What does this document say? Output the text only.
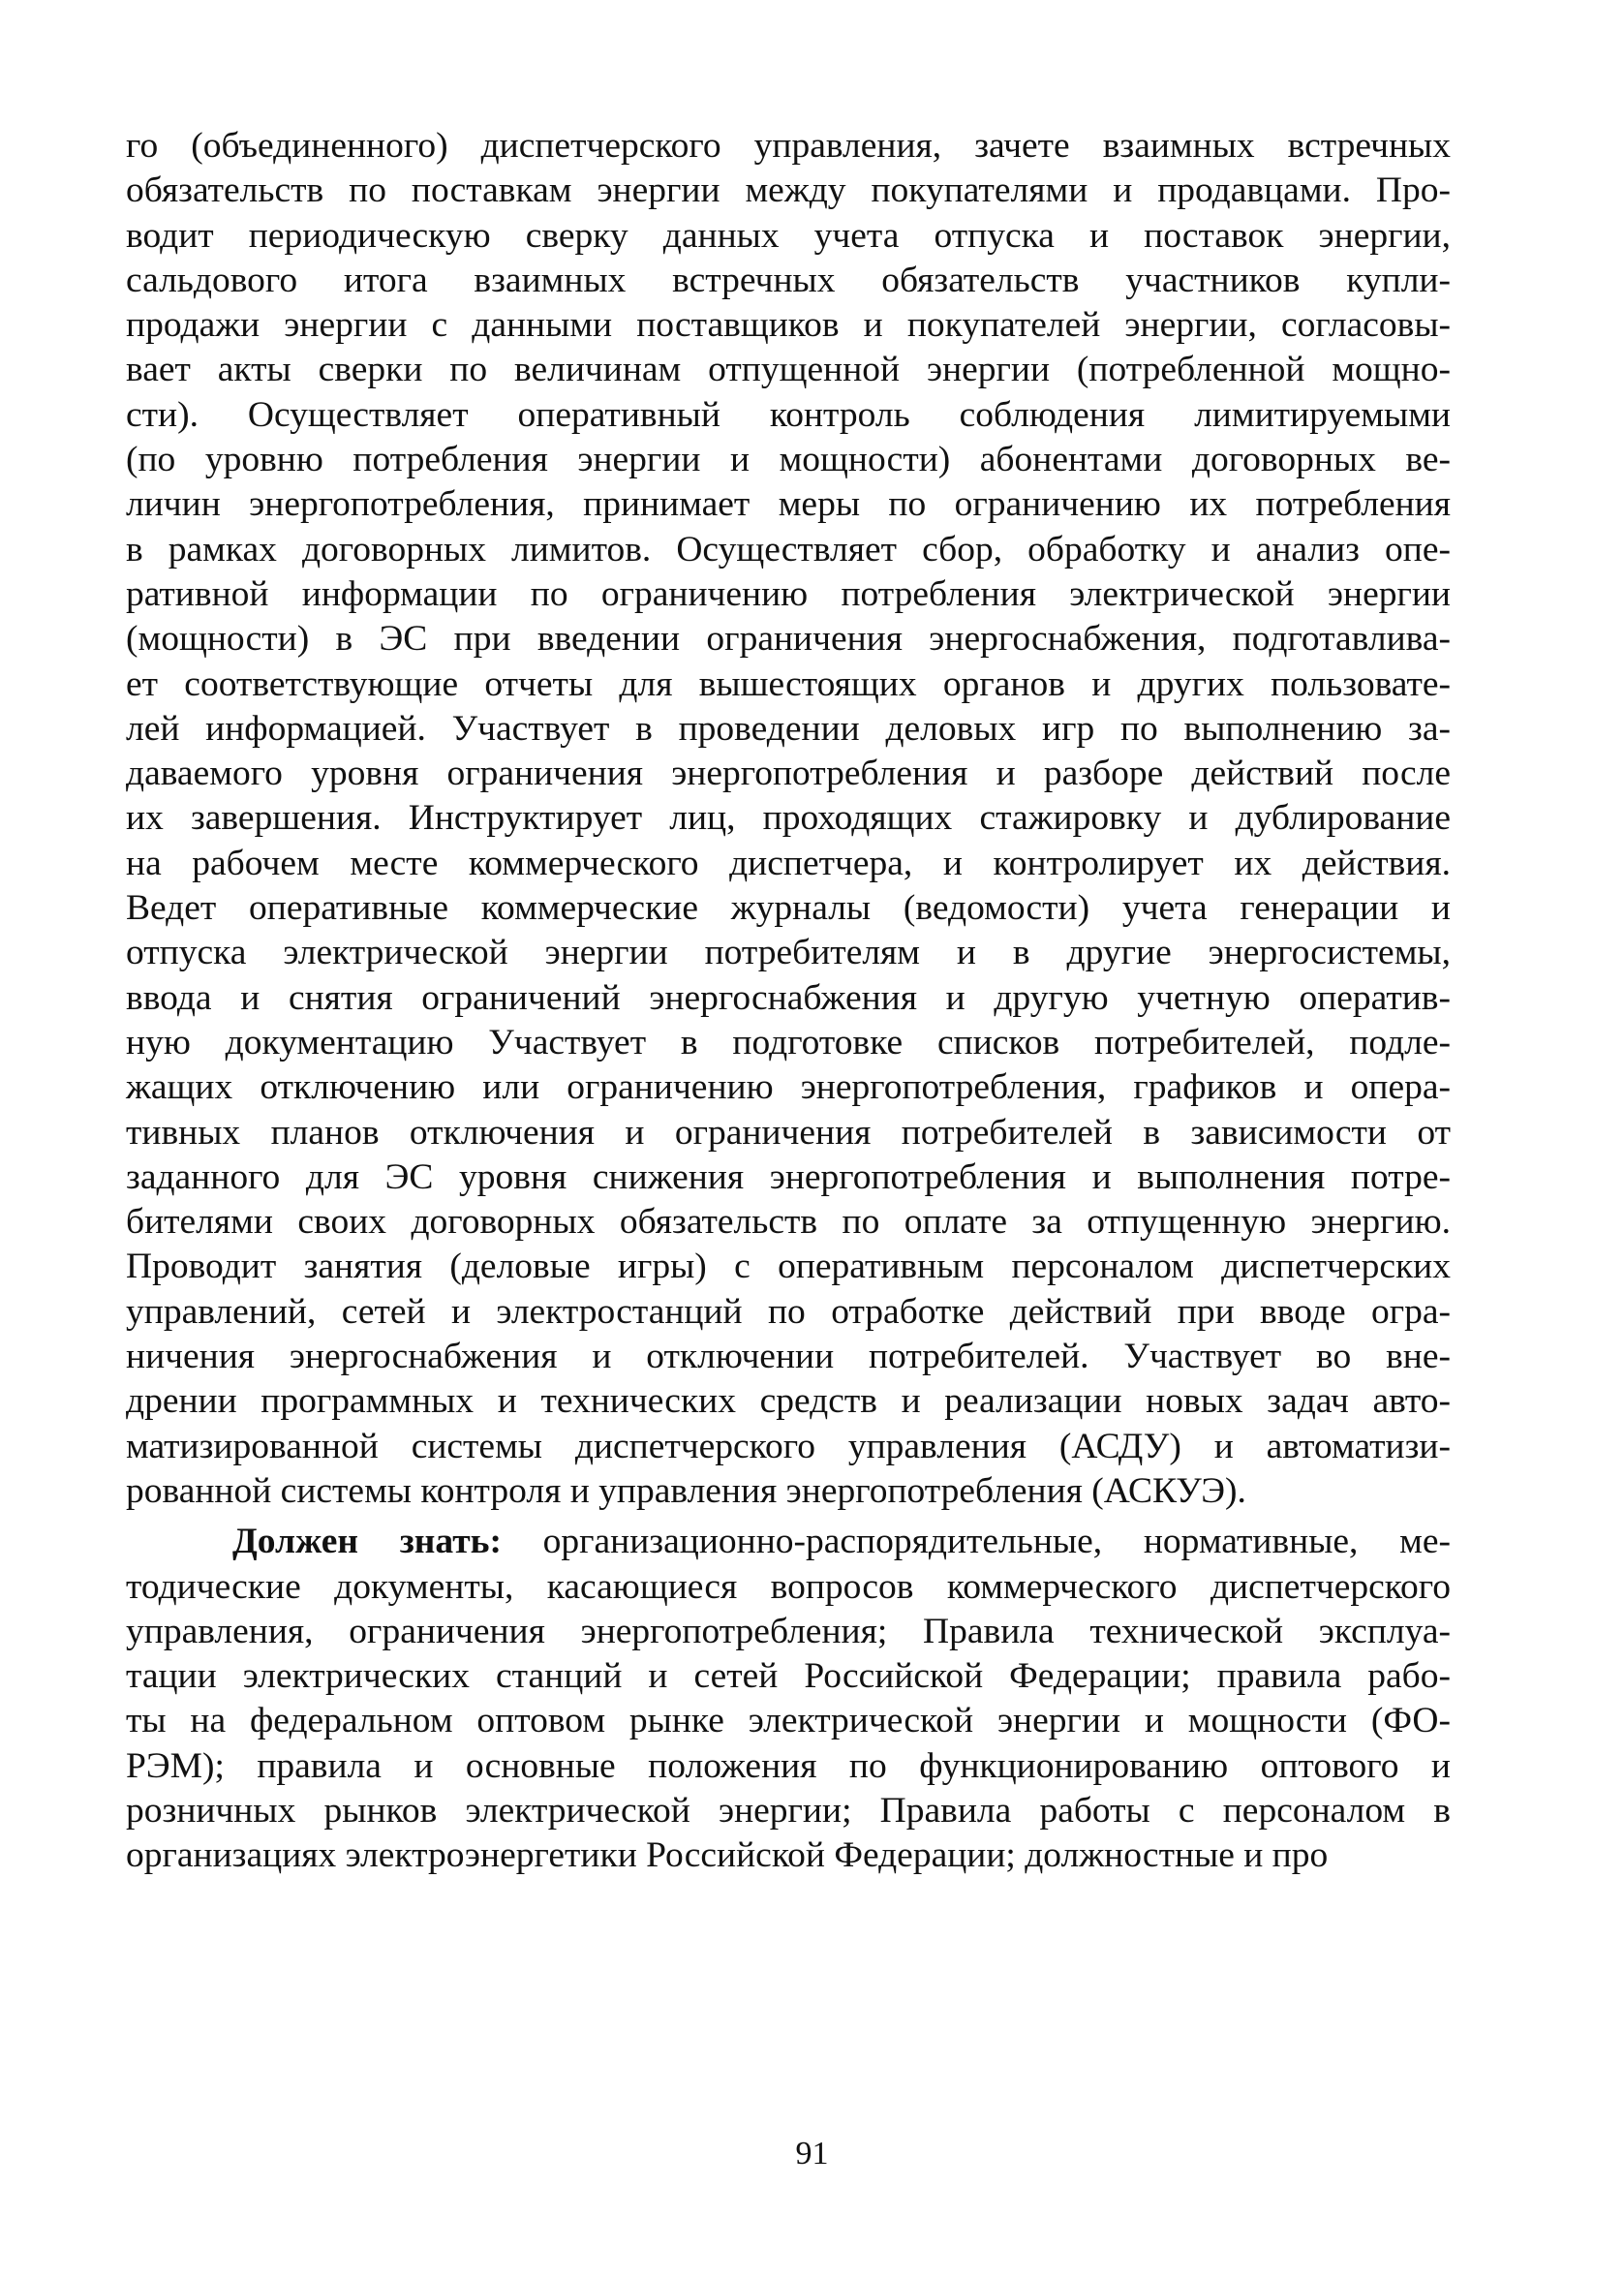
го (объединенного) диспетчерского управления, зачете взаимных встречных
обязательств по поставкам энергии между покупателями и продавцами. Про-
водит периодическую сверку данных учета отпуска и поставок энергии,
сальдового итога взаимных встречных обязательств участников купли-
продажи энергии с данными поставщиков и покупателей энергии, согласовы-
вает акты сверки по величинам отпущенной энергии (потребленной мощно-
сти). Осуществляет оперативный контроль соблюдения лимитируемыми
(по уровню потребления энергии и мощности) абонентами договорных ве-
личин энергопотребления, принимает меры по ограничению их потребления
в рамках договорных лимитов. Осуществляет сбор, обработку и анализ опе-
ративной информации по ограничению потребления электрической энергии
(мощности) в ЭС при введении ограничения энергоснабжения, подготавлива-
ет соответствующие отчеты для вышестоящих органов и других пользовате-
лей информацией. Участвует в проведении деловых игр по выполнению за-
даваемого уровня ограничения энергопотребления и разборе действий после
их завершения. Инструктирует лиц, проходящих стажировку и дублирование
на рабочем месте коммерческого диспетчера, и контролирует их действия.
Ведет оперативные коммерческие журналы (ведомости) учета генерации и
отпуска электрической энергии потребителям и в другие энергосистемы,
ввода и снятия ограничений энергоснабжения и другую учетную оператив-
ную документацию Участвует в подготовке списков потребителей, подле-
жащих отключению или ограничению энергопотребления, графиков и опера-
тивных планов отключения и ограничения потребителей в зависимости от
заданного для ЭС уровня снижения энергопотребления и выполнения потре-
бителями своих договорных обязательств по оплате за отпущенную энергию.
Проводит занятия (деловые игры) с оперативным персоналом диспетчерских
управлений, сетей и электростанций по отработке действий при вводе огра-
ничения энергоснабжения и отключении потребителей. Участвует во вне-
дрении программных и технических средств и реализации новых задач авто-
матизированной системы диспетчерского управления (АСДУ) и автоматизи-
рованной системы контроля и управления энергопотребления (АСКУЭ).
Должен знать: организационно-распорядительные, нормативные, ме-
тодические документы, касающиеся вопросов коммерческого диспетчерского
управления, ограничения энергопотребления; Правила технической эксплуа-
тации электрических станций и сетей Российской Федерации; правила рабо-
ты на федеральном оптовом рынке электрической энергии и мощности (ФО-
РЭМ); правила и основные положения по функционированию оптового и
розничных рынков электрической энергии; Правила работы с персоналом в
организациях электроэнергетики Российской Федерации; должностные и про
91
